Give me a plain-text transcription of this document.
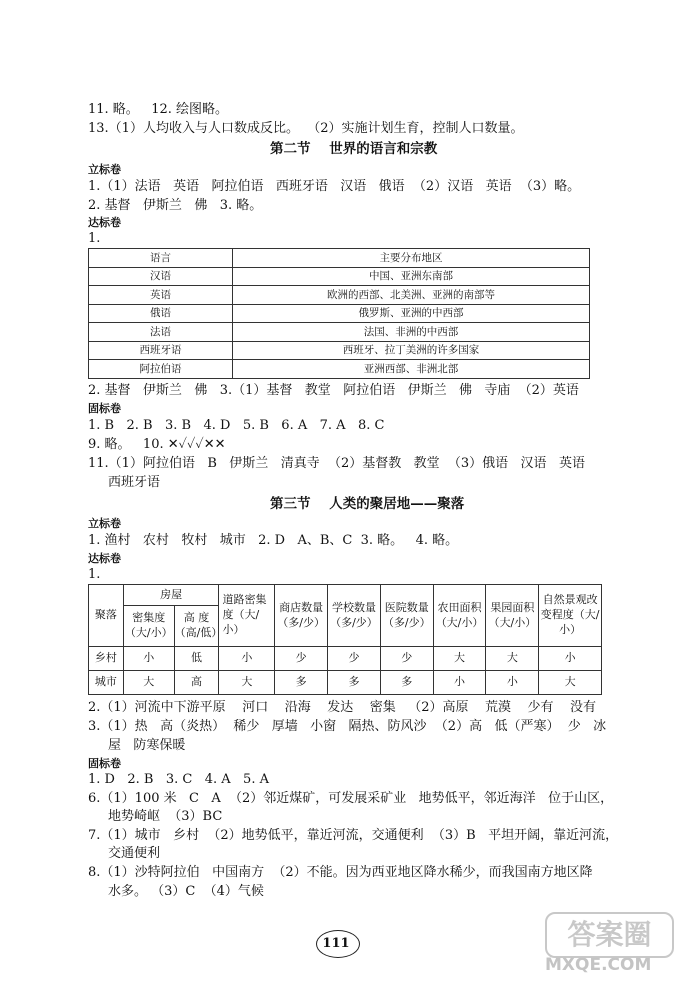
11. 略。   12. 绘图略。
13.（1）人均收入与人口数成反比。  （2）实施计划生育，控制人口数量。
第二节    世界的语言和宗教
立标卷
1.（1）法语   英语   阿拉伯语   西班牙语   汉语   俄语  （2）汉语   英语  （3）略。
2. 基督   伊斯兰   佛   3. 略。
达标卷
1.
语言	主要分布地区
汉语	中国、亚洲东南部
英语	欧洲的西部、北美洲、亚洲的南部等
俄语	俄罗斯、亚洲的中西部
法语	法国、非洲的中西部
西班牙语	西班牙、拉丁美洲的许多国家
阿拉伯语	亚洲西部、非洲北部
2. 基督   伊斯兰   佛   3.（1）基督   教堂   阿拉伯语   伊斯兰   佛   寺庙  （2）英语
固标卷
1. B   2. B   3. B   4. D   5. B   6. A   7. A   8. C
9. 略。   10. ✕✓✓✓✕✕
11.（1）阿拉伯语   B   伊斯兰   清真寺  （2）基督教   教堂  （3）俄语   汉语   英语
西班牙语
第三节    人类的聚居地——聚落
立标卷
1. 渔村   农村   牧村   城市   2. D   A、B、C  3. 略。   4. 略。
达标卷
1.
聚落	房屋		道路密集度（大/小）	商店数量（多/少）	学校数量（多/少）	医院数量（多/少）	农田面积（大/小）	果园面积（大/小）	自然景观改变程度（大/小）
	密集度（大/小）	高 度（高/低）							
乡村	小	低	小	少	少	少	大	大	小
城市	大	高	大	多	多	多	小	小	大
2.（1）河流中下游平原    河口    沿海    发达    密集   （2）高原    荒漠    少有    没有
3.（1）热   高（炎热）  稀少   厚墙   小窗   隔热、防风沙  （2）高   低（严寒）  少   冰
屋   防寒保暖
固标卷
1. D   2. B   3. C   4. A   5. A
6.（1）100 米   C   A  （2）邻近煤矿，可发展采矿业   地势低平，邻近海洋   位于山区，
地势崎岖  （3）BC
7.（1）城市   乡村  （2）地势低平，靠近河流，交通便利  （3）B   平坦开阔，靠近河流，
交通便利
8.（1）沙特阿拉伯   中国南方  （2）不能。因为西亚地区降水稀少，而我国南方地区降
水多。 （3）C  （4）气候
111	答案圈
MXQE.COM
